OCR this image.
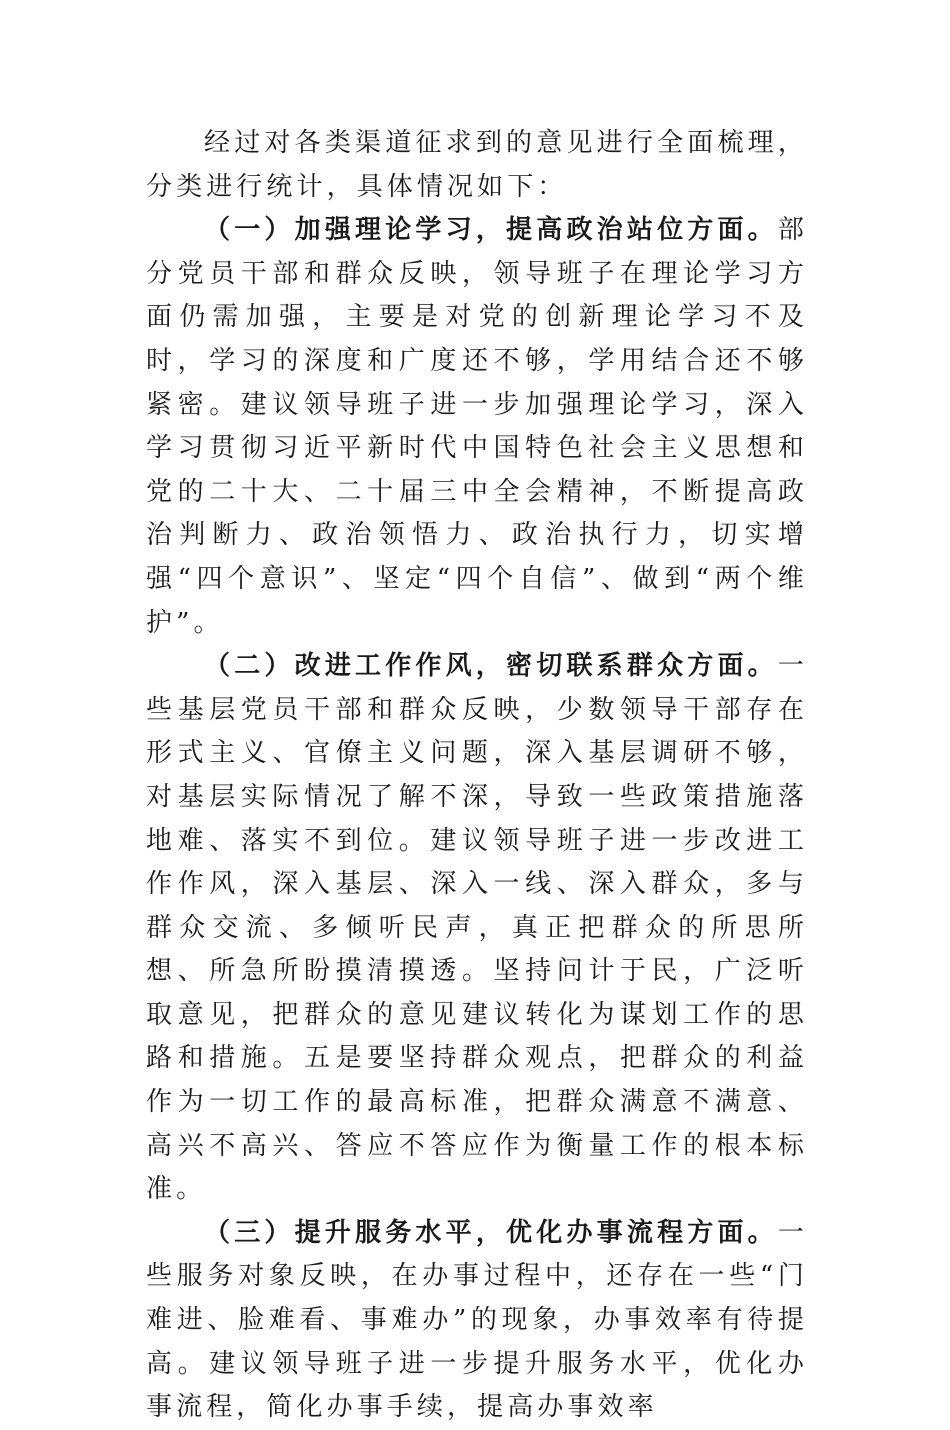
经过对各类渠道征求到的意见进行全面梳理，分类进行统计，具体情况如下：

（一）加强理论学习，提高政治站位方面。部分党员干部和群众反映，领导班子在理论学习方面仍需加强，主要是对党的创新理论学习不及时，学习的深度和广度还不够，学用结合还不够紧密。建议领导班子进一步加强理论学习，深入学习贯彻习近平新时代中国特色社会主义思想和党的二十大、二十届三中全会精神，不断提高政治判断力、政治领悟力、政治执行力，切实增强“四个意识”、坚定“四个自信”、做到“两个维护”。

（二）改进工作作风，密切联系群众方面。一些基层党员干部和群众反映，少数领导干部存在形式主义、官僚主义问题，深入基层调研不够，对基层实际情况了解不深，导致一些政策措施落地难、落实不到位。建议领导班子进一步改进工作作风，深入基层、深入一线、深入群众，多与群众交流、多倾听民声，真正把群众的所思所想、所急所盼摸清摸透。坚持问计于民，广泛听取意见，把群众的意见建议转化为谋划工作的思路和措施。五是要坚持群众观点，把群众的利益作为一切工作的最高标准，把群众满意不满意、高兴不高兴、答应不答应作为衡量工作的根本标准。

（三）提升服务水平，优化办事流程方面。一些服务对象反映，在办事过程中，还存在一些“门难进、脸难看、事难办”的现象，办事效率有待提高。建议领导班子进一步提升服务水平，优化办事流程，简化办事手续，提高办事效率
